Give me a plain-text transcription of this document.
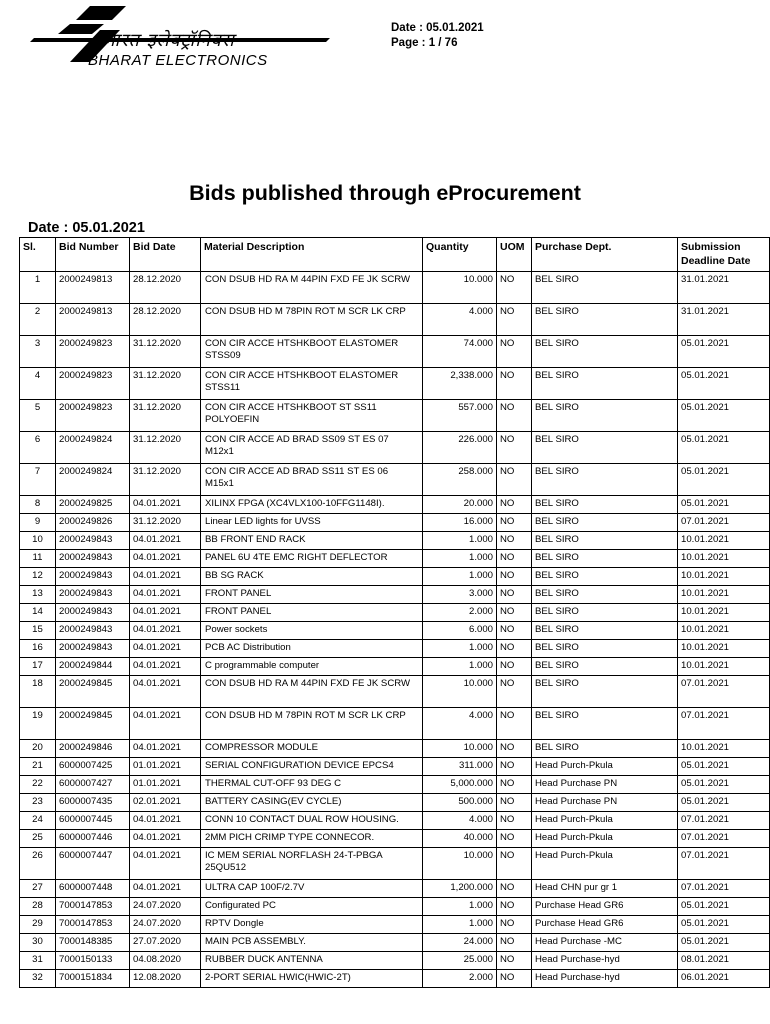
भारत इलेक्ट्रॉनिक्स
BHARAT ELECTRONICS
Date : 05.01.2021
Page : 1 / 76
Bids published through eProcurement
Date : 05.01.2021
Sl.	Bid Number	Bid Date	Material Description	Quantity	UOM	Purchase Dept.	Submission Deadline Date
1	2000249813	28.12.2020	CON DSUB HD RA M 44PIN FXD FE JK SCRW	10.000	NO	BEL SIRO	31.01.2021
2	2000249813	28.12.2020	CON DSUB HD M 78PIN ROT M SCR LK CRP	4.000	NO	BEL SIRO	31.01.2021
3	2000249823	31.12.2020	CON CIR ACCE HTSHKBOOT ELASTOMER STSS09	74.000	NO	BEL SIRO	05.01.2021
4	2000249823	31.12.2020	CON CIR ACCE HTSHKBOOT ELASTOMER STSS11	2,338.000	NO	BEL SIRO	05.01.2021
5	2000249823	31.12.2020	CON CIR ACCE HTSHKBOOT ST SS11 POLYOEFIN	557.000	NO	BEL SIRO	05.01.2021
6	2000249824	31.12.2020	CON CIR ACCE AD BRAD SS09 ST ES 07 M12x1	226.000	NO	BEL SIRO	05.01.2021
7	2000249824	31.12.2020	CON CIR ACCE AD BRAD SS11 ST ES 06 M15x1	258.000	NO	BEL SIRO	05.01.2021
8	2000249825	04.01.2021	XILINX FPGA (XC4VLX100-10FFG1148I).	20.000	NO	BEL SIRO	05.01.2021
9	2000249826	31.12.2020	Linear LED lights for UVSS	16.000	NO	BEL SIRO	07.01.2021
10	2000249843	04.01.2021	BB FRONT END RACK	1.000	NO	BEL SIRO	10.01.2021
11	2000249843	04.01.2021	PANEL 6U 4TE EMC RIGHT DEFLECTOR	1.000	NO	BEL SIRO	10.01.2021
12	2000249843	04.01.2021	BB SG RACK	1.000	NO	BEL SIRO	10.01.2021
13	2000249843	04.01.2021	FRONT PANEL	3.000	NO	BEL SIRO	10.01.2021
14	2000249843	04.01.2021	FRONT PANEL	2.000	NO	BEL SIRO	10.01.2021
15	2000249843	04.01.2021	Power sockets	6.000	NO	BEL SIRO	10.01.2021
16	2000249843	04.01.2021	PCB AC Distribution	1.000	NO	BEL SIRO	10.01.2021
17	2000249844	04.01.2021	C programmable computer	1.000	NO	BEL SIRO	10.01.2021
18	2000249845	04.01.2021	CON DSUB HD RA M 44PIN FXD FE JK SCRW	10.000	NO	BEL SIRO	07.01.2021
19	2000249845	04.01.2021	CON DSUB HD M 78PIN ROT M SCR LK CRP	4.000	NO	BEL SIRO	07.01.2021
20	2000249846	04.01.2021	COMPRESSOR MODULE	10.000	NO	BEL SIRO	10.01.2021
21	6000007425	01.01.2021	SERIAL CONFIGURATION DEVICE EPCS4	311.000	NO	Head Purch-Pkula	05.01.2021
22	6000007427	01.01.2021	THERMAL CUT-OFF 93 DEG C	5,000.000	NO	Head Purchase PN	05.01.2021
23	6000007435	02.01.2021	BATTERY CASING(EV CYCLE)	500.000	NO	Head Purchase PN	05.01.2021
24	6000007445	04.01.2021	CONN 10 CONTACT DUAL ROW HOUSING.	4.000	NO	Head Purch-Pkula	07.01.2021
25	6000007446	04.01.2021	2MM PICH CRIMP TYPE CONNECOR.	40.000	NO	Head Purch-Pkula	07.01.2021
26	6000007447	04.01.2021	IC MEM SERIAL NORFLASH 24-T-PBGA 25QU512	10.000	NO	Head Purch-Pkula	07.01.2021
27	6000007448	04.01.2021	ULTRA CAP 100F/2.7V	1,200.000	NO	Head CHN pur gr 1	07.01.2021
28	7000147853	24.07.2020	Configurated PC	1.000	NO	Purchase Head GR6	05.01.2021
29	7000147853	24.07.2020	RPTV Dongle	1.000	NO	Purchase Head GR6	05.01.2021
30	7000148385	27.07.2020	MAIN PCB ASSEMBLY.	24.000	NO	Head Purchase -MC	05.01.2021
31	7000150133	04.08.2020	RUBBER DUCK ANTENNA	25.000	NO	Head Purchase-hyd	08.01.2021
32	7000151834	12.08.2020	2-PORT SERIAL HWIC(HWIC-2T)	2.000	NO	Head Purchase-hyd	06.01.2021
